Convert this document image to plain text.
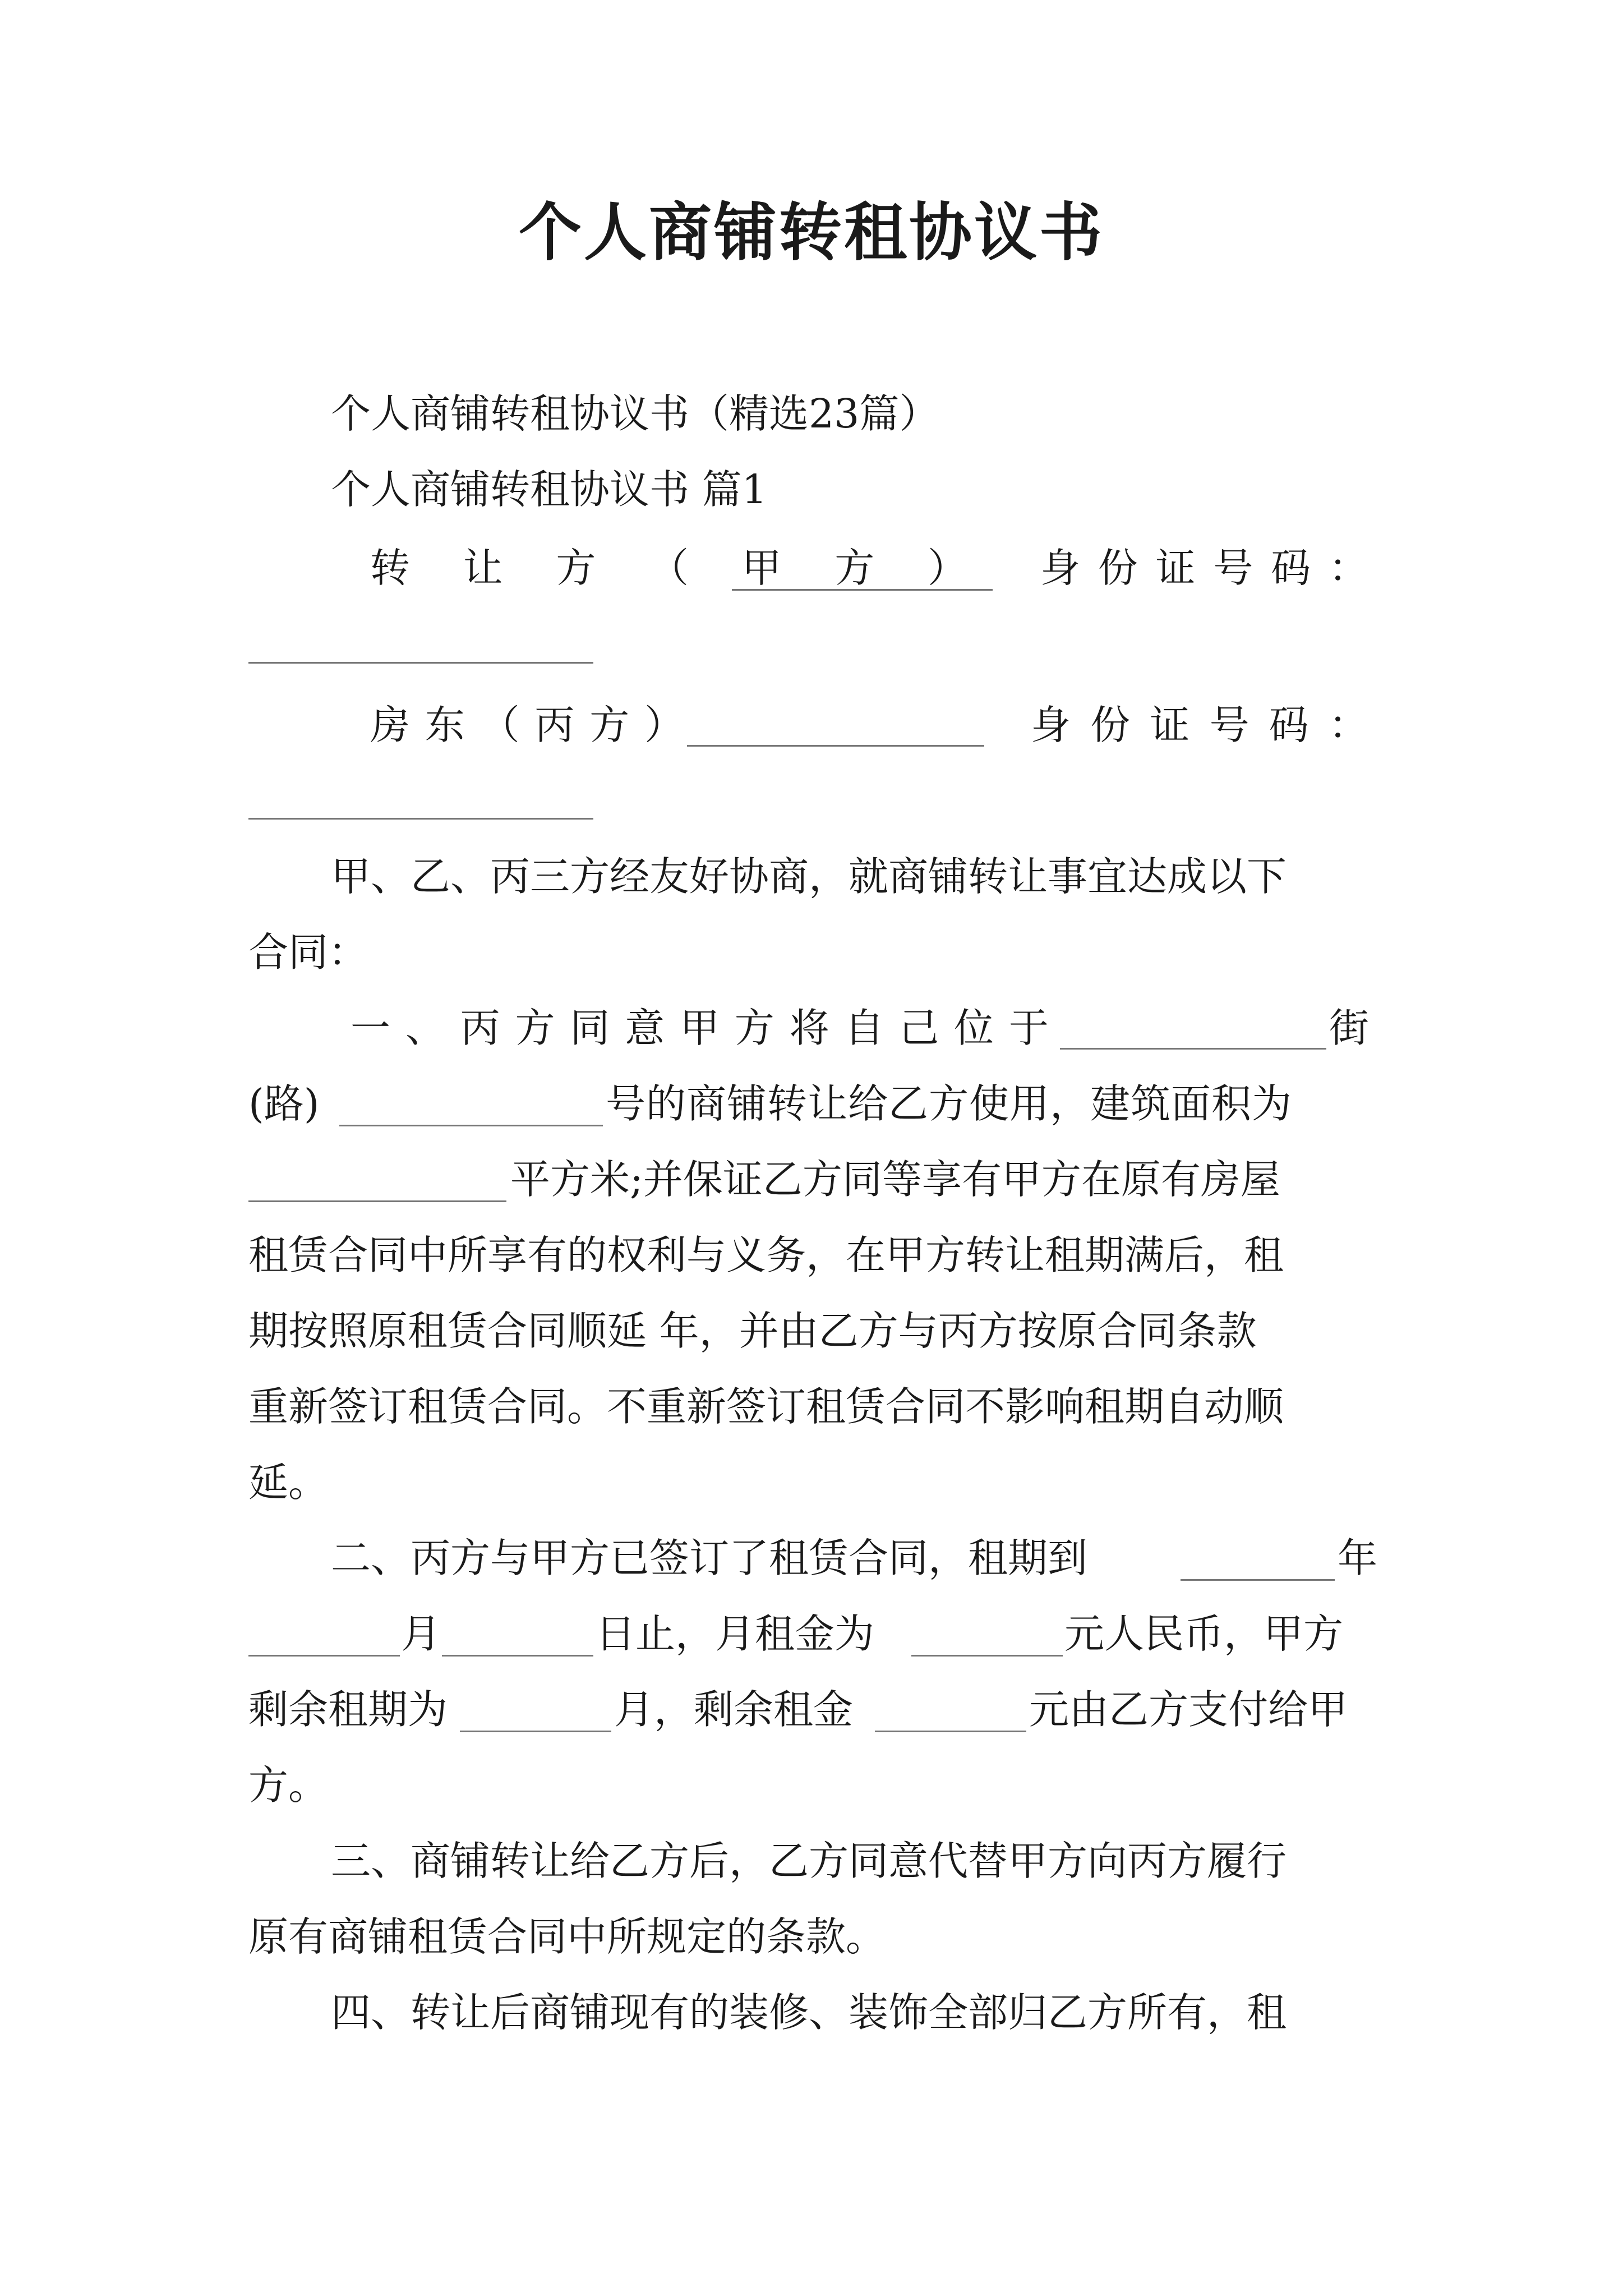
个人商铺转租协议书
个人商铺转租协议书（精选23篇）
个人商铺转租协议书 篇1
转 让 方 （ 甲 方 ） 身 份 证 号 码 ：
房 东 （ 丙 方 ）	身 份 证 号 码 ：
甲、乙、丙三方经友好协商，就商铺转让事宜达成以下
合同：
一 、 丙 方 同 意 甲 方 将 自 己 位 于	街
(路)	号的商铺转让给乙方使用，建筑面积为
平方米;并保证乙方同等享有甲方在原有房屋
租赁合同中所享有的权利与义务，在甲方转让租期满后，租
期按照原租赁合同顺延 年，并由乙方与丙方按原合同条款
重新签订租赁合同。不重新签订租赁合同不影响租期自动顺
延。
二、丙方与甲方已签订了租赁合同，租期到	年
月	日止，月租金为	元人民币，甲方
剩余租期为	月，剩余租金	元由乙方支付给甲
方。
三、商铺转让给乙方后，乙方同意代替甲方向丙方履行
原有商铺租赁合同中所规定的条款。
四、转让后商铺现有的装修、装饰全部归乙方所有，租
